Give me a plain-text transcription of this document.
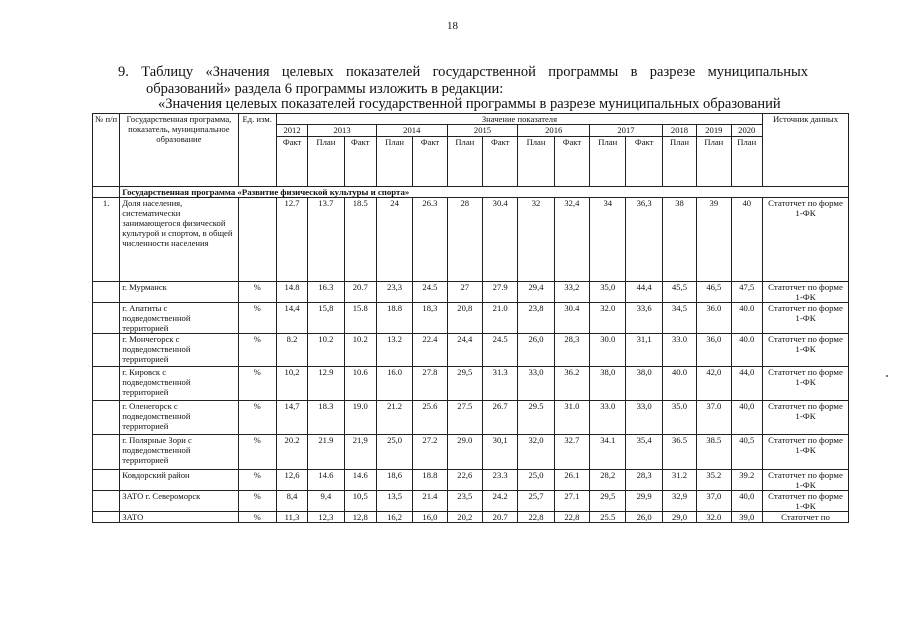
18
9. Таблицу «Значения целевых показателей государственной программы в разрезе муниципальных
образований» раздела 6 программы изложить в редакции:
«Значения целевых показателей государственной программы в разрезе муниципальных образований
№ п/п	Государственная программа, показатель, муниципальное образование	Ед. изм.	Значение показателя														Источник данных
			2012	2013		2014		2015		2016		2017		2018	2019	2020	
			Факт	План	Факт	План	Факт	План	Факт	План	Факт	План	Факт	План	План	План	
	Государственная программа «Развитие физической культуры и спорта»																
1.	Доля населения, систематически занимающегося физической культурой и спортом, в общей численности населения		12.7	13.7	18.5	24	26.3	28	30.4	32	32,4	34	36,3	38	39	40	Статотчет по форме 1-ФК
	г. Мурманск	%	14.8	16.3	20.7	23,3	24.5	27	27.9	29,4	33,2	35,0	44,4	45,5	46,5	47,5	Статотчет по форме 1-ФК
	г. Апатиты с подведомственной территорией	%	14,4	15,8	15.8	18.8	18,3	20,8	21.0	23,8	30.4	32.0	33,6	34,5	36.0	40.0	Статотчет по форме 1-ФК
	г. Мончегорск с подведомственной территорией	%	8.2	10.2	10.2	13.2	22.4	24,4	24.5	26,0	28,3	30.0	31,1	33.0	36,0	40.0	Статотчет по форме 1-ФК
	г. Кировск с подведомственной территорией	%	10,2	12.9	10.6	16.0	27.8	29,5	31.3	33,0	36.2	38,0	38,0	40.0	42,0	44,0	Статотчет по форме 1-ФК
	г. Оленегорск с подведомственной территорией	%	14,7	18.3	19.0	21.2	25.6	27.5	26.7	29.5	31.0	33.0	33,0	35.0	37.0	40,0	Статотчет по форме 1-ФК
	г. Полярные Зори с подведомственной территорией	%	20.2	21.9	21,9	25,0	27.2	29.0	30,1	32,0	32.7	34.1	35,4	36.5	38.5	40,5	Статотчет по форме 1-ФК
	Ковдорский район	%	12,6	14.6	14.6	18,6	18.8	22,6	23.3	25,0	26.1	28,2	28,3	31.2	35.2	39.2	Статотчет по форме 1-ФК
	ЗАТО г. Североморск	%	8,4	9,4	10,5	13,5	21.4	23,5	24.2	25,7	27.1	29,5	29,9	32,9	37,0	40,0	Статотчет по форме 1-ФК
	ЗАТО	%	11,3	12,3	12,8	16,2	16,0	20,2	20.7	22,8	22,8	25.5	26,0	29,0	32.0	39,0	Статотчет по
